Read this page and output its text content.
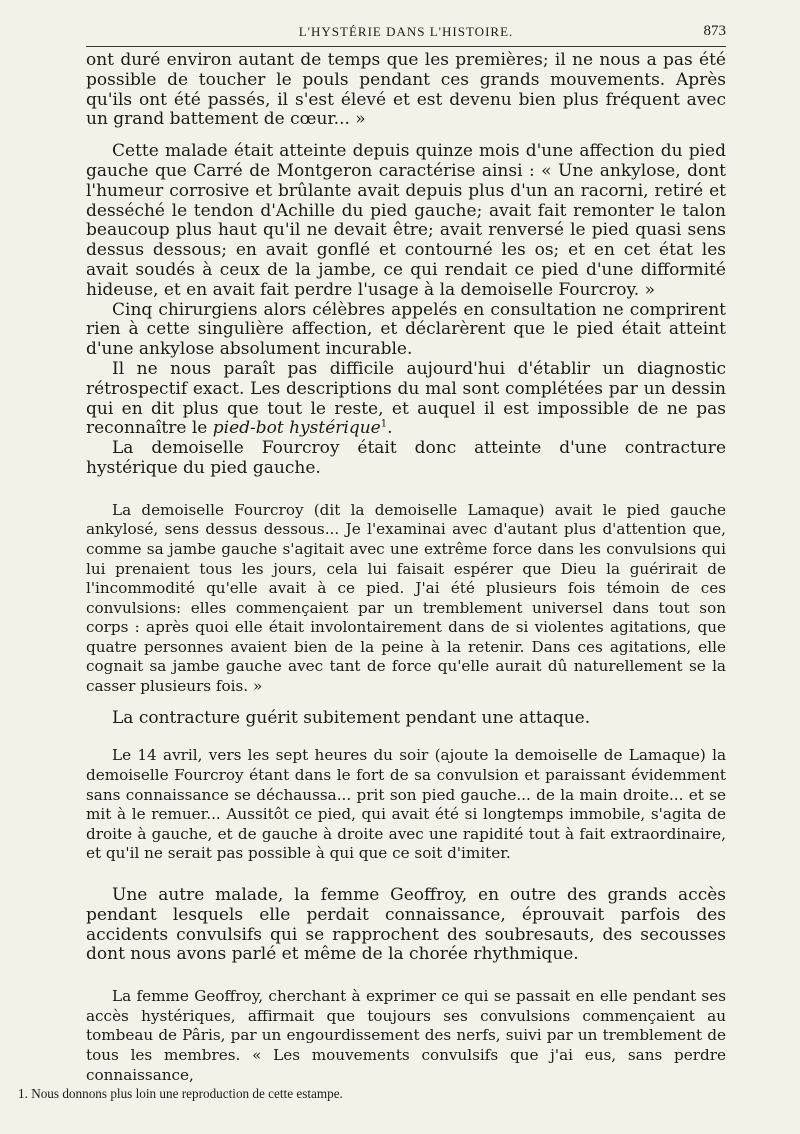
L'HYSTÉRIE DANS L'HISTOIRE.	873

ont duré environ autant de temps que les premières; il ne nous a pas été possible de toucher le pouls pendant ces grands mouvements. Après qu'ils ont été passés, il s'est élevé et est devenu bien plus fréquent avec un grand battement de cœur... »

Cette malade était atteinte depuis quinze mois d'une affection du pied gauche que Carré de Montgeron caractérise ainsi : « Une ankylose, dont l'humeur corrosive et brûlante avait depuis plus d'un an racorni, retiré et desséché le tendon d'Achille du pied gauche; avait fait remonter le talon beaucoup plus haut qu'il ne devait être; avait renversé le pied quasi sens dessus dessous; en avait gonflé et contourné les os; et en cet état les avait soudés à ceux de la jambe, ce qui rendait ce pied d'une difformité hideuse, et en avait fait perdre l'usage à la demoiselle Fourcroy. »

Cinq chirurgiens alors célèbres appelés en consultation ne comprirent rien à cette singulière affection, et déclarèrent que le pied était atteint d'une ankylose absolument incurable.

Il ne nous paraît pas difficile aujourd'hui d'établir un diagnostic rétrospectif exact. Les descriptions du mal sont complétées par un dessin qui en dit plus que tout le reste, et auquel il est impossible de ne pas reconnaître le pied-bot hystérique$^1$.

La demoiselle Fourcroy était donc atteinte d'une contracture hystérique du pied gauche.

La demoiselle Fourcroy (dit la demoiselle Lamaque) avait le pied gauche ankylosé, sens dessus dessous... Je l'examinai avec d'autant plus d'attention que, comme sa jambe gauche s'agitait avec une extrême force dans les convulsions qui lui prenaient tous les jours, cela lui faisait espérer que Dieu la guérirait de l'incommodité qu'elle avait à ce pied. J'ai été plusieurs fois témoin de ces convulsions: elles commençaient par un tremblement universel dans tout son corps : après quoi elle était involontairement dans de si violentes agitations, que quatre personnes avaient bien de la peine à la retenir. Dans ces agitations, elle cognait sa jambe gauche avec tant de force qu'elle aurait dû naturellement se la casser plusieurs fois. »

La contracture guérit subitement pendant une attaque.

Le 14 avril, vers les sept heures du soir (ajoute la demoiselle de Lamaque) la demoiselle Fourcroy étant dans le fort de sa convulsion et paraissant évidemment sans connaissance se déchaussa... prit son pied gauche... de la main droite... et se mit à le remuer... Aussitôt ce pied, qui avait été si longtemps immobile, s'agita de droite à gauche, et de gauche à droite avec une rapidité tout à fait extraordinaire, et qu'il ne serait pas possible à qui que ce soit d'imiter.

Une autre malade, la femme Geoffroy, en outre des grands accès pendant lesquels elle perdait connaissance, éprouvait parfois des accidents convulsifs qui se rapprochent des soubresauts, des secousses dont nous avons parlé et même de la chorée rhythmique.

La femme Geoffroy, cherchant à exprimer ce qui se passait en elle pendant ses accès hystériques, affirmait que toujours ses convulsions commençaient au tombeau de Pâris, par un engourdissement des nerfs, suivi par un tremblement de tous les membres. « Les mouvements convulsifs que j'ai eus, sans perdre connaissance,

1. Nous donnons plus loin une reproduction de cette estampe.
